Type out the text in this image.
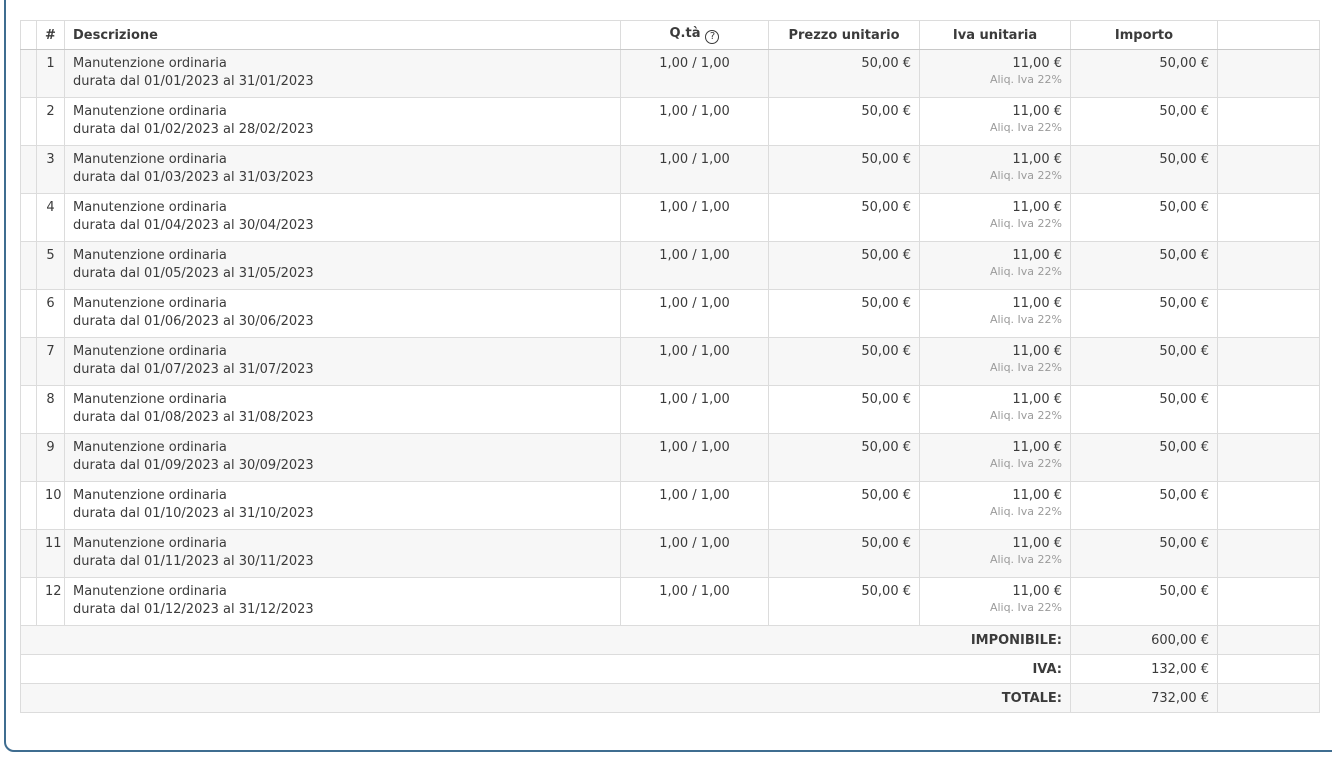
	#	Descrizione	Q.tà ?	Prezzo unitario	Iva unitaria	Importo	
	1	Manutenzione ordinaria
durata dal 01/01/2023 al 31/01/2023
	1,00 / 1,00	50,00 €	11,00 €
Aliq. Iva 22%
	50,00 €	
	2	Manutenzione ordinaria
durata dal 01/02/2023 al 28/02/2023
	1,00 / 1,00	50,00 €	11,00 €
Aliq. Iva 22%
	50,00 €	
	3	Manutenzione ordinaria
durata dal 01/03/2023 al 31/03/2023
	1,00 / 1,00	50,00 €	11,00 €
Aliq. Iva 22%
	50,00 €	
	4	Manutenzione ordinaria
durata dal 01/04/2023 al 30/04/2023
	1,00 / 1,00	50,00 €	11,00 €
Aliq. Iva 22%
	50,00 €	
	5	Manutenzione ordinaria
durata dal 01/05/2023 al 31/05/2023
	1,00 / 1,00	50,00 €	11,00 €
Aliq. Iva 22%
	50,00 €	
	6	Manutenzione ordinaria
durata dal 01/06/2023 al 30/06/2023
	1,00 / 1,00	50,00 €	11,00 €
Aliq. Iva 22%
	50,00 €	
	7	Manutenzione ordinaria
durata dal 01/07/2023 al 31/07/2023
	1,00 / 1,00	50,00 €	11,00 €
Aliq. Iva 22%
	50,00 €	
	8	Manutenzione ordinaria
durata dal 01/08/2023 al 31/08/2023
	1,00 / 1,00	50,00 €	11,00 €
Aliq. Iva 22%
	50,00 €	
	9	Manutenzione ordinaria
durata dal 01/09/2023 al 30/09/2023
	1,00 / 1,00	50,00 €	11,00 €
Aliq. Iva 22%
	50,00 €	
	10	Manutenzione ordinaria
durata dal 01/10/2023 al 31/10/2023
	1,00 / 1,00	50,00 €	11,00 €
Aliq. Iva 22%
	50,00 €	
	11	Manutenzione ordinaria
durata dal 01/11/2023 al 30/11/2023
	1,00 / 1,00	50,00 €	11,00 €
Aliq. Iva 22%
	50,00 €	
	12	Manutenzione ordinaria
durata dal 01/12/2023 al 31/12/2023
	1,00 / 1,00	50,00 €	11,00 €
Aliq. Iva 22%
	50,00 €	
IMPONIBILE:						600,00 €	
IVA:						132,00 €	
TOTALE:						732,00 €	
